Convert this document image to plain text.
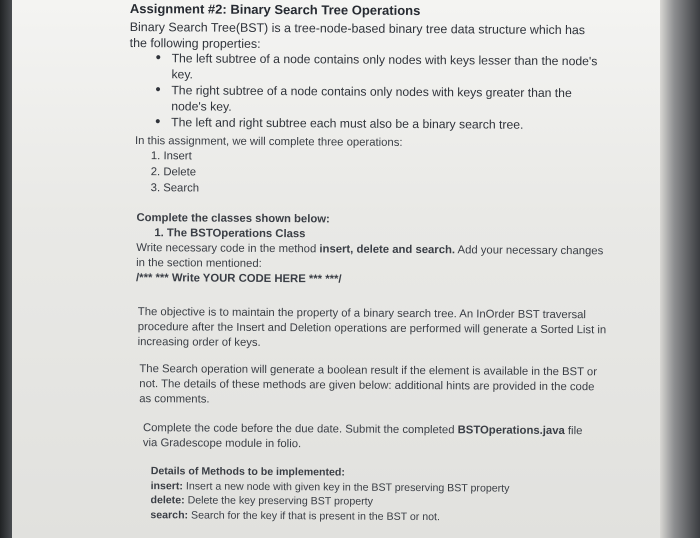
Assignment #2: Binary Search Tree Operations
Binary Search Tree(BST) is a tree-node-based binary tree data structure which has the following properties:
• The left subtree of a node contains only nodes with keys lesser than the node's key.
• The right subtree of a node contains only nodes with keys greater than the node's key.
• The left and right subtree each must also be a binary search tree.
In this assignment, we will complete three operations:
1. Insert
2. Delete
3. Search
Complete the classes shown below:
1. The BSTOperations Class
Write necessary code in the method insert, delete and search. Add your necessary changes in the section mentioned:
/*** *** Write YOUR CODE HERE *** ***/
The objective is to maintain the property of a binary search tree. An InOrder BST traversal procedure after the Insert and Deletion operations are performed will generate a Sorted List in increasing order of keys.
The Search operation will generate a boolean result if the element is available in the BST or not. The details of these methods are given below: additional hints are provided in the code as comments.
Complete the code before the due date. Submit the completed BSTOperations.java file via Gradescope module in folio.
Details of Methods to be implemented:
insert: Insert a new node with given key in the BST preserving BST property
delete: Delete the key preserving BST property
search: Search for the key if that is present in the BST or not.
